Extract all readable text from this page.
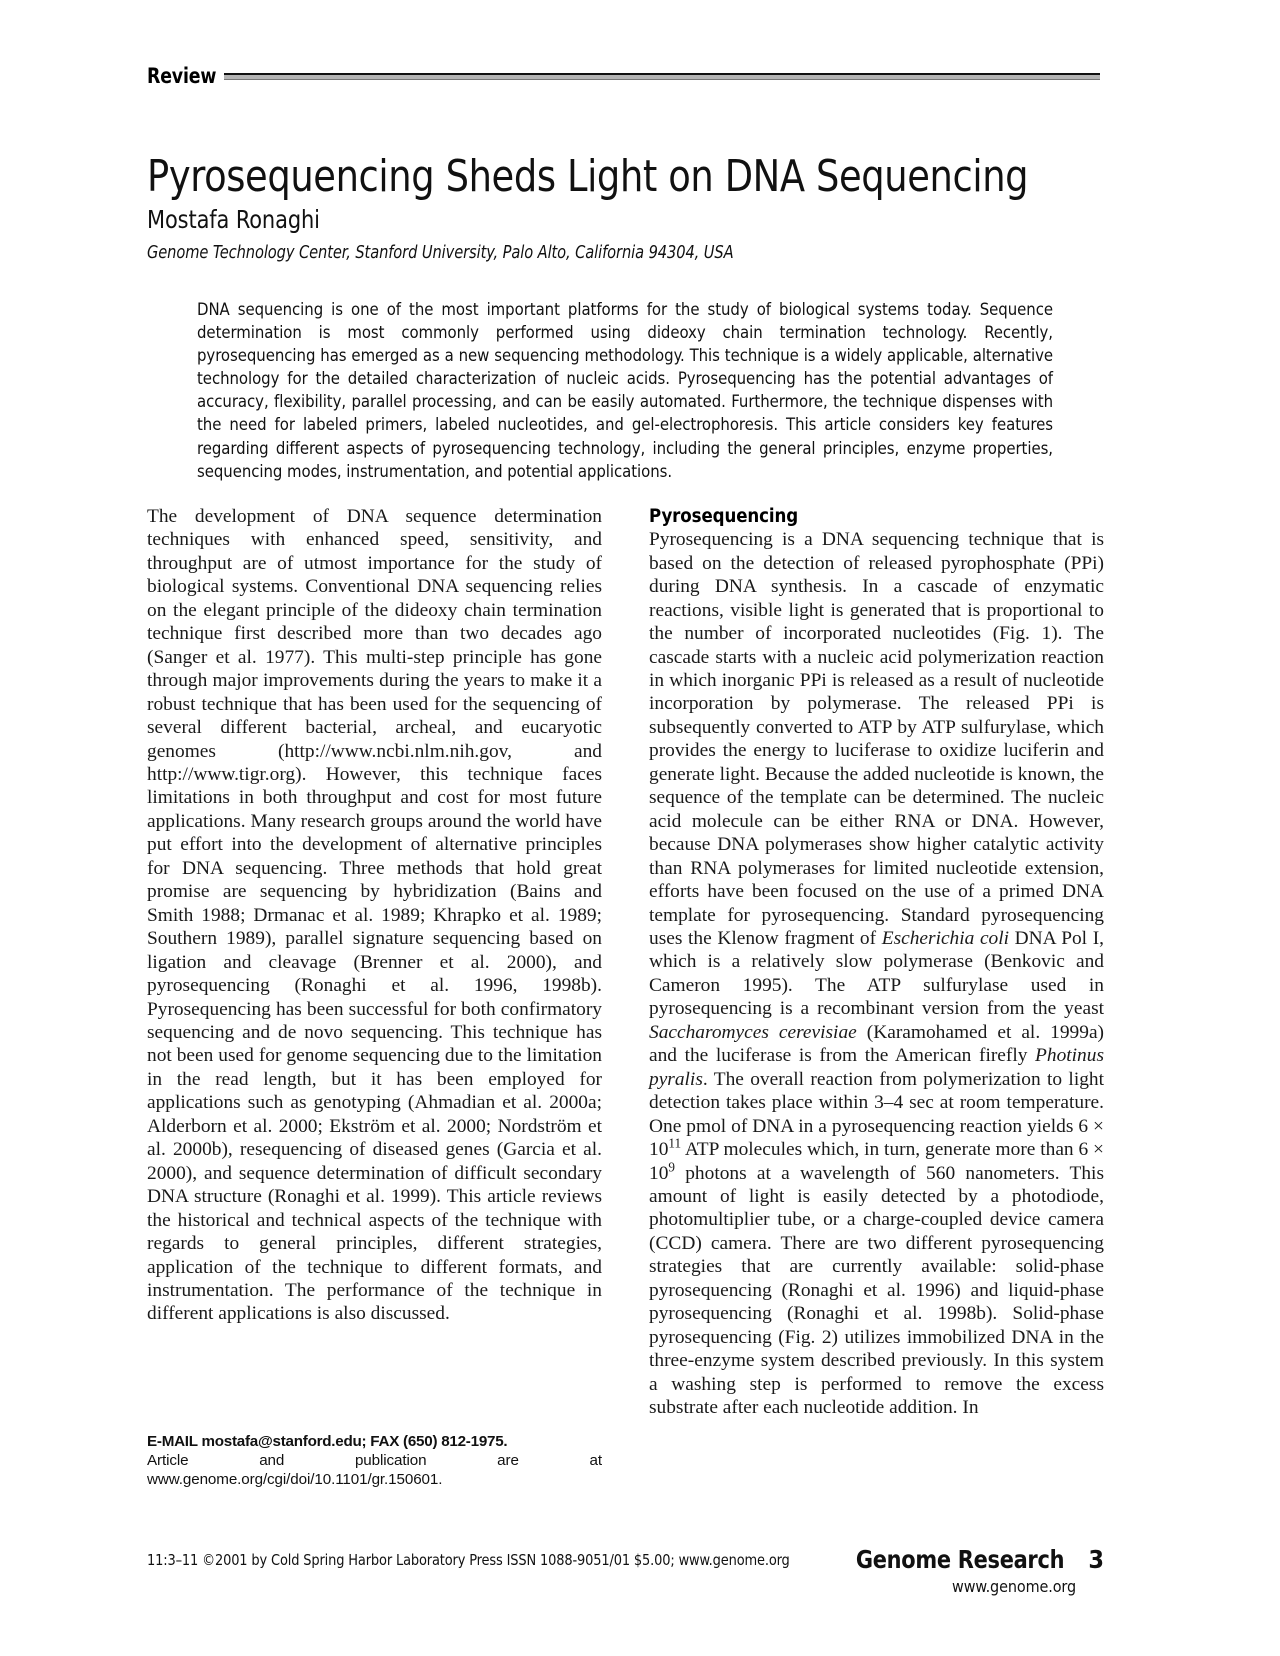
Review
Pyrosequencing Sheds Light on DNA Sequencing
Mostafa Ronaghi
Genome Technology Center, Stanford University, Palo Alto, California 94304, USA
DNA sequencing is one of the most important platforms for the study of biological systems today. Sequence determination is most commonly performed using dideoxy chain termination technology. Recently, pyrosequencing has emerged as a new sequencing methodology. This technique is a widely applicable, alternative technology for the detailed characterization of nucleic acids. Pyrosequencing has the potential advantages of accuracy, flexibility, parallel processing, and can be easily automated. Furthermore, the technique dispenses with the need for labeled primers, labeled nucleotides, and gel-electrophoresis. This article considers key features regarding different aspects of pyrosequencing technology, including the general principles, enzyme properties, sequencing modes, instrumentation, and potential applications.

The development of DNA sequence determination techniques with enhanced speed, sensitivity, and throughput are of utmost importance for the study of biological systems. Conventional DNA sequencing relies on the elegant principle of the dideoxy chain termination technique first described more than two decades ago (Sanger et al. 1977). This multi-step principle has gone through major improvements during the years to make it a robust technique that has been used for the sequencing of several different bacterial, archeal, and eucaryotic genomes (http://www.ncbi.nlm.nih.gov, and http://www.tigr.org). However, this technique faces limitations in both throughput and cost for most future applications. Many research groups around the world have put effort into the development of alternative principles for DNA sequencing. Three methods that hold great promise are sequencing by hybridization (Bains and Smith 1988; Drmanac et al. 1989; Khrapko et al. 1989; Southern 1989), parallel signature sequencing based on ligation and cleavage (Brenner et al. 2000), and pyrosequencing (Ronaghi et al. 1996, 1998b). Pyrosequencing has been successful for both confirmatory sequencing and de novo sequencing. This technique has not been used for genome sequencing due to the limitation in the read length, but it has been employed for applications such as genotyping (Ahmadian et al. 2000a; Alderborn et al. 2000; Ekström et al. 2000; Nordström et al. 2000b), resequencing of diseased genes (Garcia et al. 2000), and sequence determination of difficult secondary DNA structure (Ronaghi et al. 1999). This article reviews the historical and technical aspects of the technique with regards to general principles, different strategies, application of the technique to different formats, and instrumentation. The performance of the technique in different applications is also discussed.

Pyrosequencing

Pyrosequencing is a DNA sequencing technique that is based on the detection of released pyrophosphate (PPi) during DNA synthesis. In a cascade of enzymatic reactions, visible light is generated that is proportional to the number of incorporated nucleotides (Fig. 1). The cascade starts with a nucleic acid polymerization reaction in which inorganic PPi is released as a result of nucleotide incorporation by polymerase. The released PPi is subsequently converted to ATP by ATP sulfurylase, which provides the energy to luciferase to oxidize luciferin and generate light. Because the added nucleotide is known, the sequence of the template can be determined. The nucleic acid molecule can be either RNA or DNA. However, because DNA polymerases show higher catalytic activity than RNA polymerases for limited nucleotide extension, efforts have been focused on the use of a primed DNA template for pyrosequencing. Standard pyrosequencing uses the Klenow fragment of Escherichia coli DNA Pol I, which is a relatively slow polymerase (Benkovic and Cameron 1995). The ATP sulfurylase used in pyrosequencing is a recombinant version from the yeast Saccharomyces cerevisiae (Karamohamed et al. 1999a) and the luciferase is from the American firefly Photinus pyralis. The overall reaction from polymerization to light detection takes place within 3–4 sec at room temperature. One pmol of DNA in a pyrosequencing reaction yields $6 \times 10^{11}$ ATP molecules which, in turn, generate more than $6 \times 10^9$ photons at a wavelength of 560 nanometers. This amount of light is easily detected by a photodiode, photomultiplier tube, or a charge-coupled device camera (CCD) camera. There are two different pyrosequencing strategies that are currently available: solid-phase pyrosequencing (Ronaghi et al. 1996) and liquid-phase pyrosequencing (Ronaghi et al. 1998b). Solid-phase pyrosequencing (Fig. 2) utilizes immobilized DNA in the three-enzyme system described previously. In this system a washing step is performed to remove the excess substrate after each nucleotide addition. In

E-MAIL mostafa@stanford.edu; FAX (650) 812-1975.
Article and publication are at www.genome.org/cgi/doi/10.1101/gr.150601.
11:3–11 ©2001 by Cold Spring Harbor Laboratory Press ISSN 1088-9051/01 $5.00; www.genome.org	Genome Research 3
www.genome.org
